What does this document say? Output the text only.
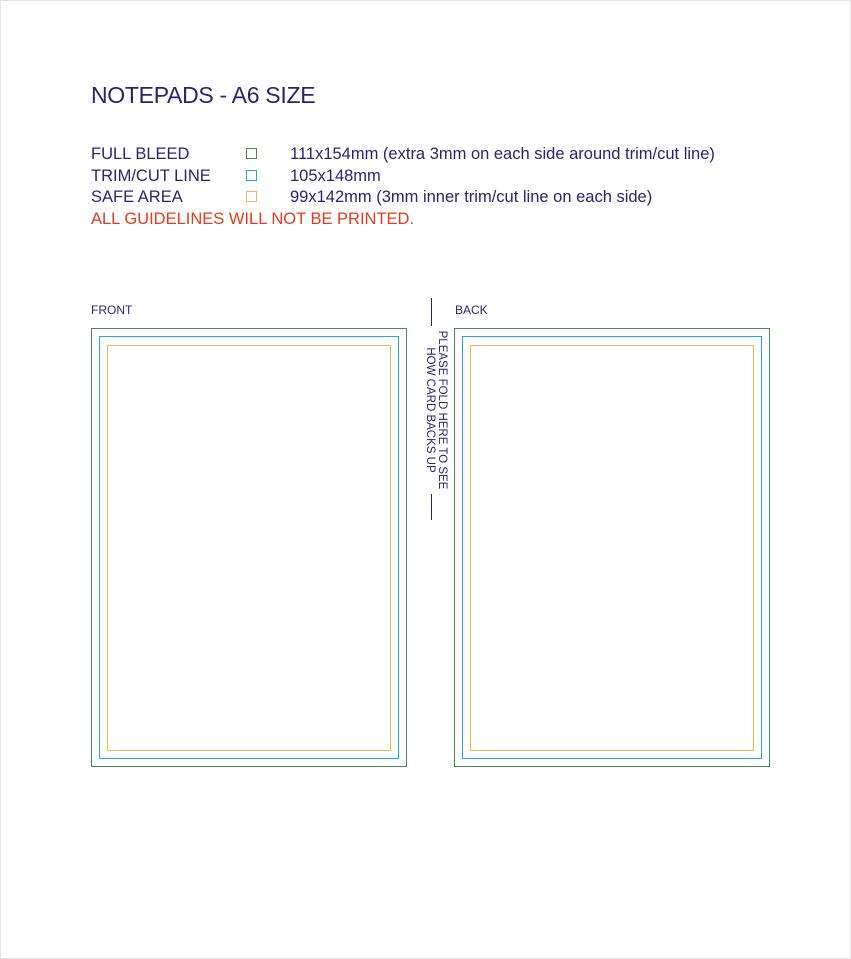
NOTEPADS - A6 SIZE
FULL BLEED	111x154mm (extra 3mm on each side around trim/cut line)
TRIM/CUT LINE	105x148mm
SAFE AREA	99x142mm (3mm inner trim/cut line on each side)
ALL GUIDELINES WILL NOT BE PRINTED.
FRONT	BACK
PLEASE FOLD HERE TO SEE
HOW CARD BACKS UP
